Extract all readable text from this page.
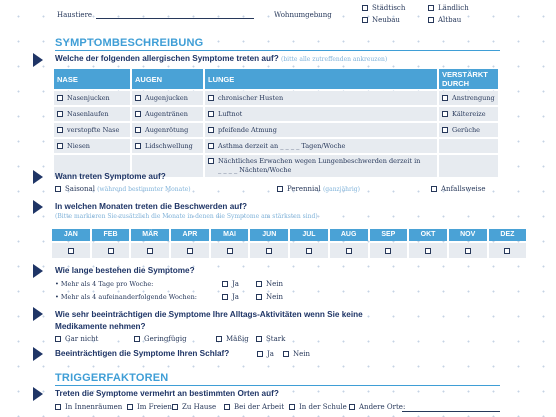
Haustiere	Wohnumgebung
Städtisch	Ländlich
Neubau	Altbau
SYMPTOMBESCHREIBUNG
Welche der folgenden allergischen Symptome treten auf? (bitte alle zutreffenden ankreuzen)
NASE	AUGEN	LUNGE	VERSTÄRKT DURCH
Nasenjucken	Augenjucken	chronischer Husten	Anstrengung
Nasenlaufen	Augentränen	Luftnot	Kältereize
verstopfte Nase	Augenrötung	pfeifende Atmung	Gerüche
Niesen	Lidschwellung	Asthma derzeit an _ _ _ _ Tagen/Woche	
		Nächtliches Erwachen wegen Lungenbeschwerden derzeit in
_ _ _ _ Nächten/Woche	
Wann treten Symptome auf?
Saisonal (während bestimmter Monate)	Perennial (ganzjährig)	Anfallsweise
In welchen Monaten treten die Beschwerden auf?
(Bitte markieren Sie zusätzlich die Monate in denen die Symptome am stärksten sind)
JAN	FEB	MÄR	APR	MAI	JUN	JUL	AUG	SEP	OKT	NOV	DEZ
Wie lange bestehen die Symptome?
• Mehr als 4 Tage pro Woche:	Ja	Nein
• Mehr als 4 aufeinanderfolgende Wochen:	Ja	Nein
Wie sehr beeinträchtigen die Symptome Ihre Alltags-Aktivitäten wenn Sie keine
Medikamente nehmen?
Gar nicht	Geringfügig	Mäßig	Stark
Beeinträchtigen die Symptome Ihren Schlaf?	Ja	Nein
TRIGGERFAKTOREN
Treten die Symptome vermehrt an bestimmten Orten auf?
In Innenräumen	Im Freien	Zu Hause	Bei der Arbeit	In der Schule	Andere Orte:
